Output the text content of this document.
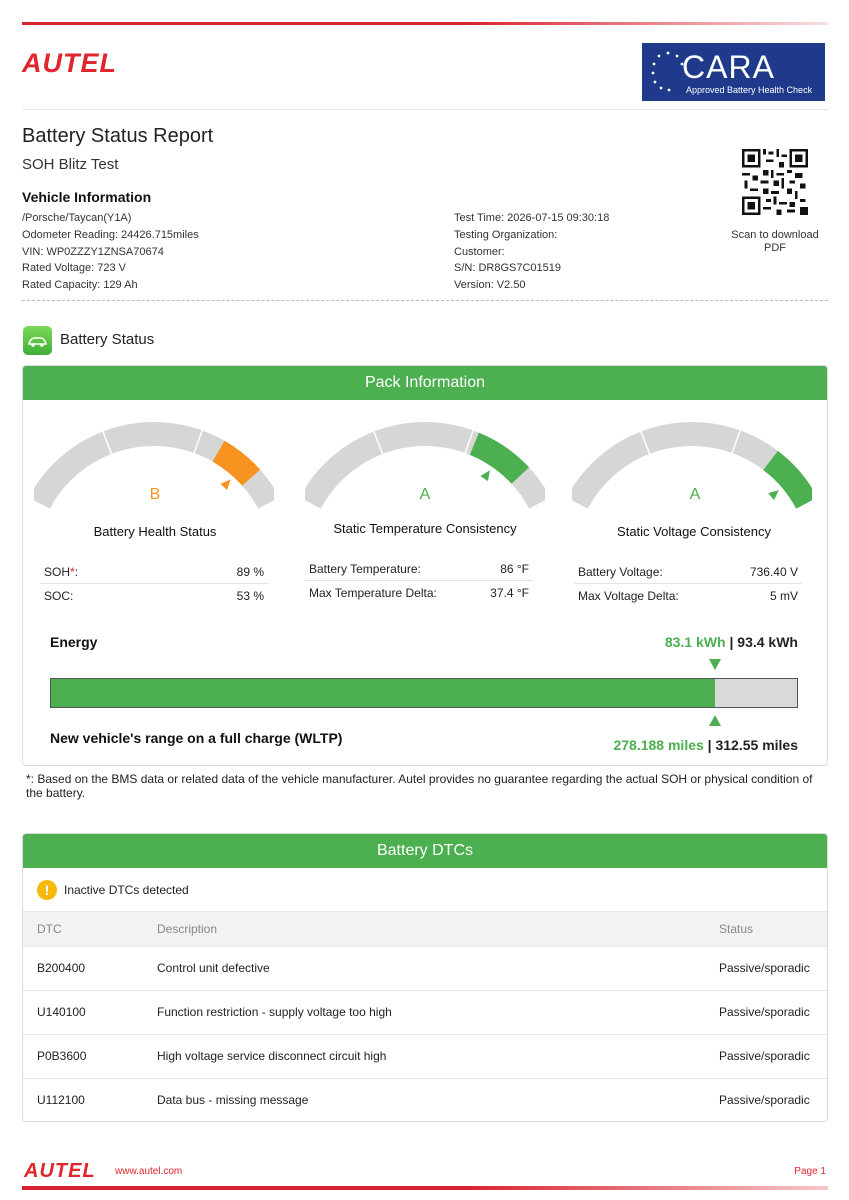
AUTEL	CARA
Approved Battery Health Check
Battery Status Report
SOH Blitz Test
Vehicle Information
/Porsche/Taycan(Y1A)
Odometer Reading: 24426.715miles
VIN: WP0ZZZY1ZNSA70674
Rated Voltage: 723 V
Rated Capacity: 129 Ah
Test Time: 2026-07-15 09:30:18
Testing Organization:
Customer:
S/N: DR8GS7C01519
Version: V2.50
Scan to download
PDF
Battery Status
Pack Information
B
Battery Health Status
A
Static Temperature Consistency
A
Static Voltage Consistency
SOH*:	89 %
SOC:	53 %
Battery Temperature:	86 °F
Max Temperature Delta:	37.4 °F
Battery Voltage:	736.40 V
Max Voltage Delta:	5 mV
Energy	83.1 kWh | 93.4 kWh
New vehicle's range on a full charge (WLTP)	278.188 miles | 312.55 miles
*: Based on the BMS data or related data of the vehicle manufacturer. Autel provides no guarantee regarding the actual SOH or physical condition of the battery.
Battery DTCs
!	Inactive DTCs detected
DTC	Description	Status
B200400	Control unit defective	Passive/sporadic
U140100	Function restriction - supply voltage too high	Passive/sporadic
P0B3600	High voltage service disconnect circuit high	Passive/sporadic
U112100	Data bus - missing message	Passive/sporadic
AUTEL www.autel.com	Page 1
